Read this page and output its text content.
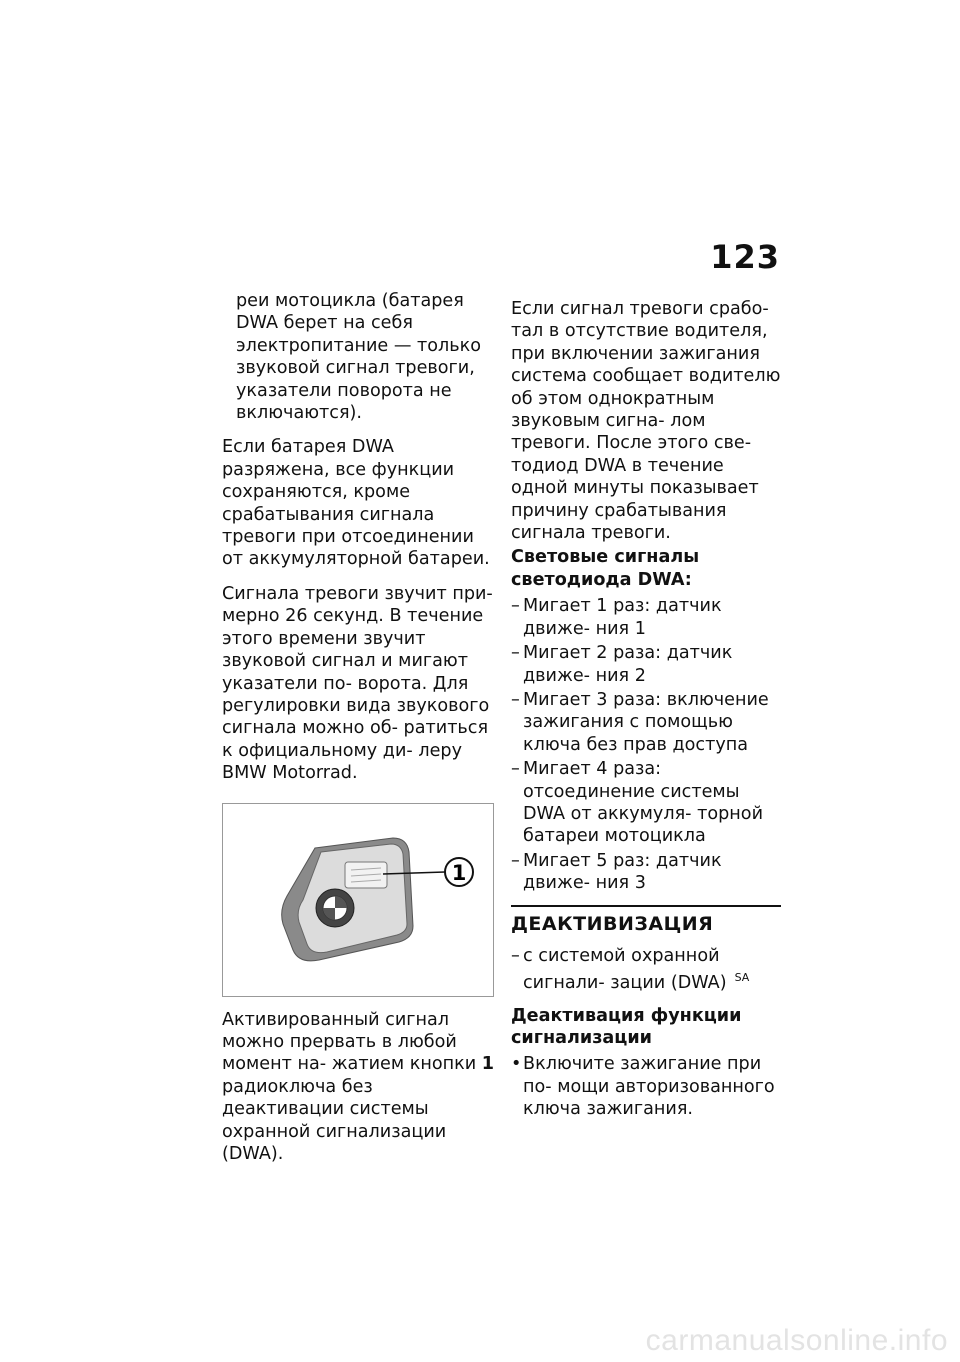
123

реи мотоцикла (батарея DWA берет на себя электропитание — только звуковой сигнал тревоги, указатели поворота не включаются).

Если батарея DWA разряжена, все функции сохраняются, кроме срабатывания сигнала тревоги при отсоединении от аккумуляторной батареи.

Сигнала тревоги звучит при- мерно 26 секунд. В течение этого времени звучит звуковой сигнал и мигают указатели по- ворота. Для регулировки вида звукового сигнала можно об- ратиться к официальному ди- леру BMW Motorrad.

1

Активированный сигнал можно прервать в любой момент на- жатием кнопки 1 радиоключа без деактивации системы охранной сигнализации (DWA).

Если сигнал тревоги срабо- тал в отсутствие водителя, при включении зажигания система сообщает водителю об этом однократным звуковым сигна- лом тревоги. После этого све- тодиод DWA в течение одной минуты показывает причину срабатывания сигнала тревоги.

Световые сигналы светодиода DWA:
– Мигает 1 раз: датчик движе- ния 1
– Мигает 2 раза: датчик движе- ния 2
– Мигает 3 раза: включение зажигания с помощью ключа без прав доступа
– Мигает 4 раза: отсоединение системы DWA от аккумуля- торной батареи мотоцикла
– Мигает 5 раз: датчик движе- ния 3
ДЕАКТИВИЗАЦИЯ
– с системой охранной сигнали- зации (DWA) $^{SA}$
Деактивация функции сигнализации
• Включите зажигание при по- мощи авторизованного ключа зажигания.
carmanualsonline.info
